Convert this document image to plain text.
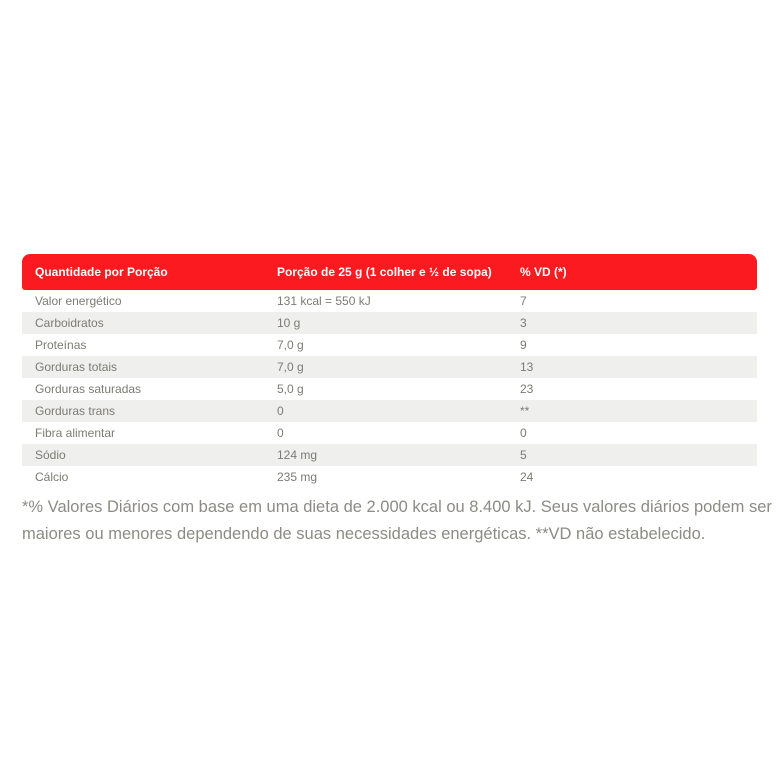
Quantidade por Porção	Porção de 25 g (1 colher e ½ de sopa)	% VD (*)
Valor energético	131 kcal = 550 kJ	7
Carboidratos	10 g	3
Proteínas	7,0 g	9
Gorduras totais	7,0 g	13
Gorduras saturadas	5,0 g	23
Gorduras trans	0	**
Fibra alimentar	0	0
Sódio	124 mg	5
Cálcio	235 mg	24
*% Valores Diários com base em uma dieta de 2.000 kcal ou 8.400 kJ. Seus valores diários podem ser
maiores ou menores dependendo de suas necessidades energéticas. **VD não estabelecido.
